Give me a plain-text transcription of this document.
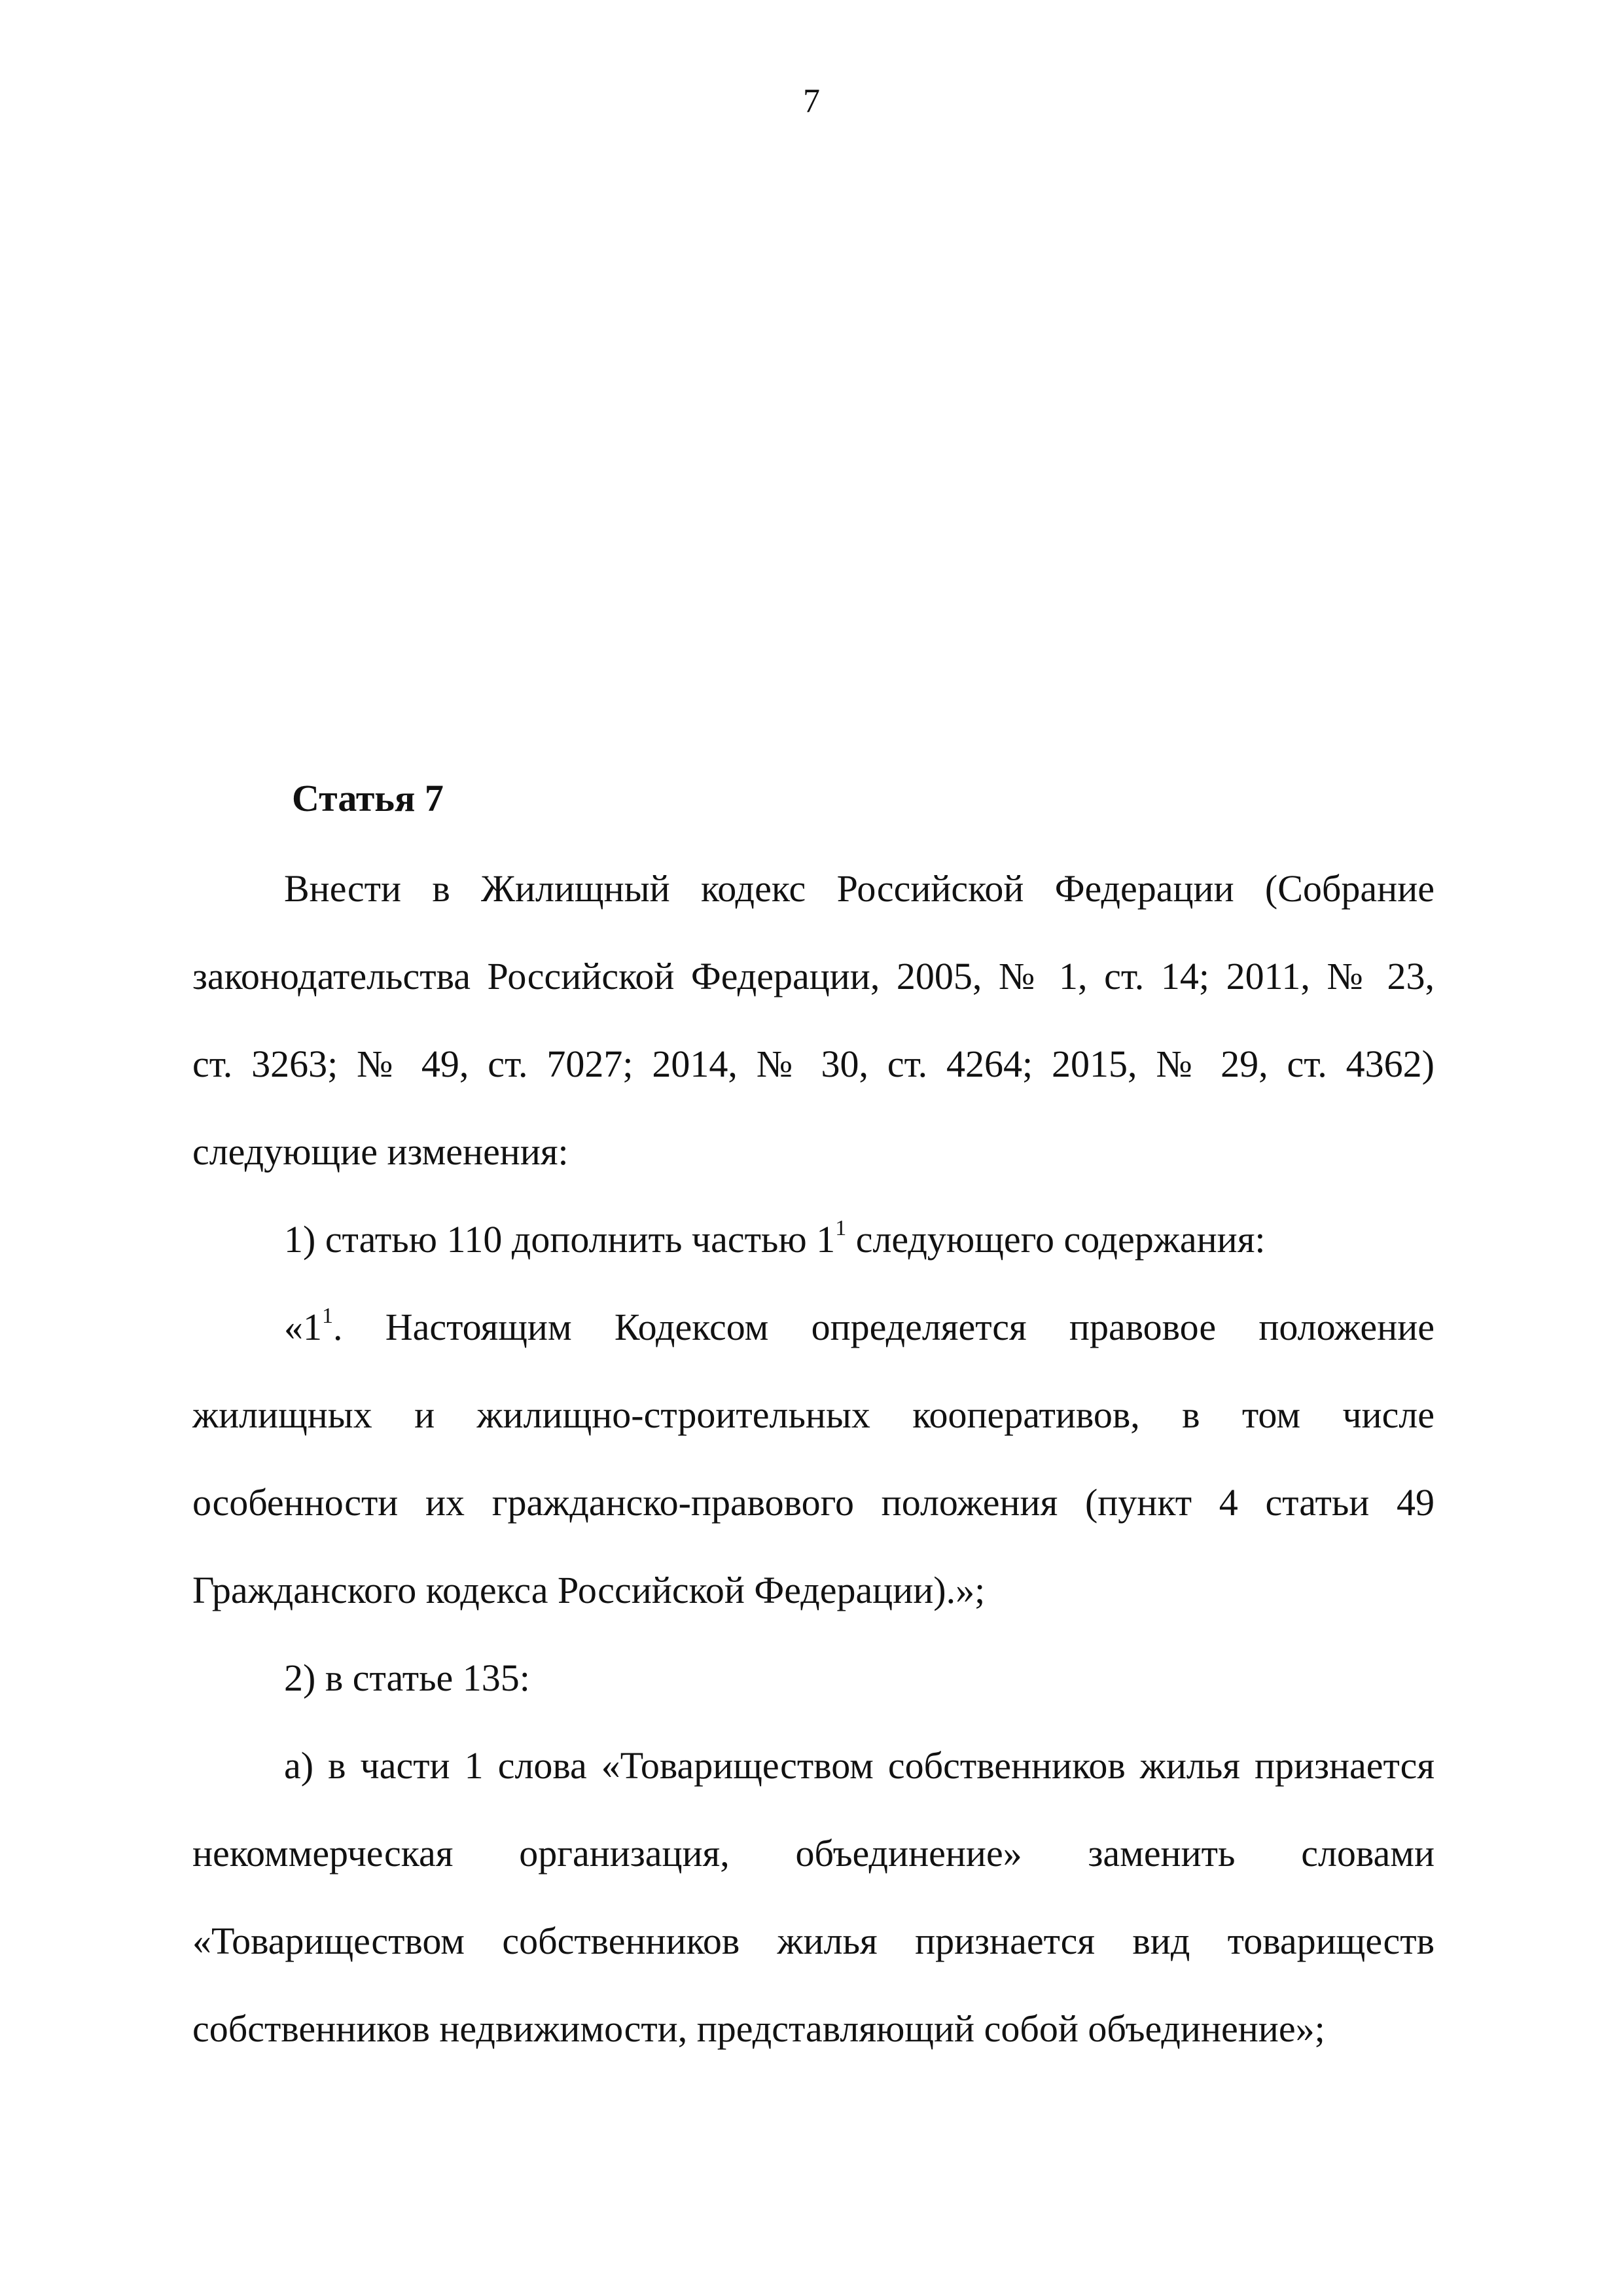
7
Статья 7
Внести в Жилищный кодекс Российской Федерации (Собрание
законодательства Российской Федерации, 2005, № 1, ст. 14; 2011, № 23,
ст. 3263; № 49, ст. 7027; 2014, № 30, ст. 4264; 2015, № 29, ст. 4362)
следующие изменения:
1) статью 110 дополнить частью $1^1$ следующего содержания:
«$1^1$. Настоящим Кодексом определяется правовое положение
жилищных и жилищно-строительных кооперативов, в том числе
особенности их гражданско-правового положения (пункт 4 статьи 49
Гражданского кодекса Российской Федерации).»;
2) в статье 135:
а) в части 1 слова «Товариществом собственников жилья признается
некоммерческая организация, объединение» заменить словами
«Товариществом собственников жилья признается вид товариществ
собственников недвижимости, представляющий собой объединение»;
